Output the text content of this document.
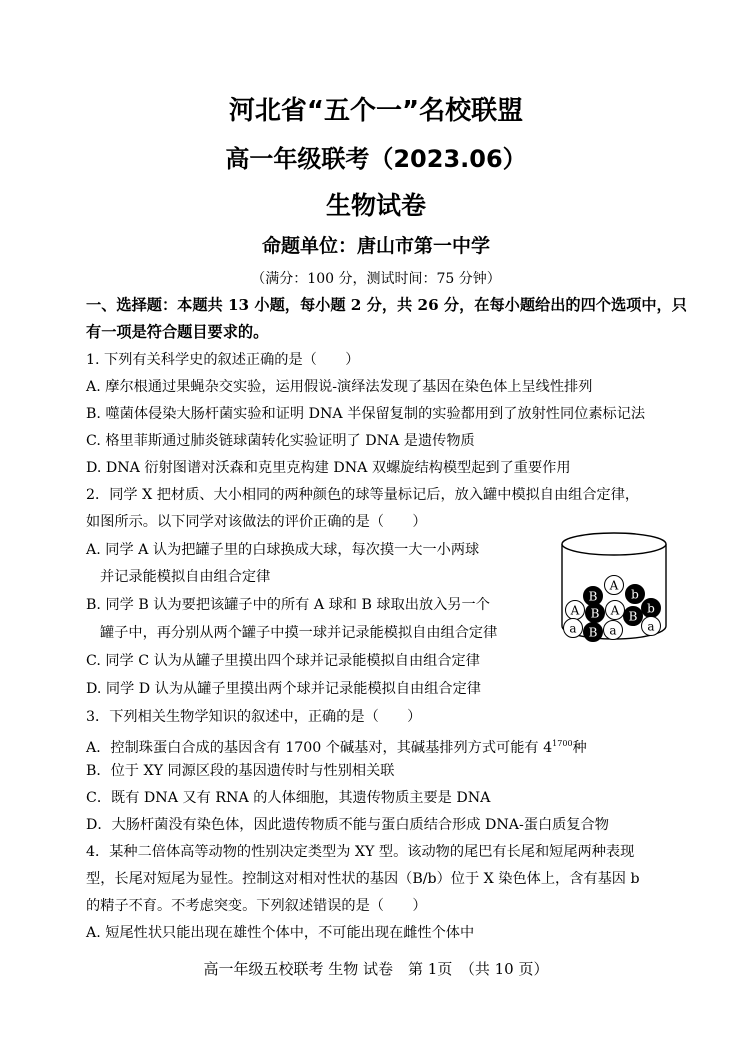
河北省“五个一”名校联盟
高一年级联考（2023.06）
生物试卷
命题单位：唐山市第一中学
（满分：100 分，测试时间：75 分钟）
一、选择题：本题共 13 小题，每小题 2 分，共 26 分，在每小题给出的四个选项中，只
有一项是符合题目要求的。
1. 下列有关科学史的叙述正确的是（　　）
A. 摩尔根通过果蝇杂交实验，运用假说-演绎法发现了基因在染色体上呈线性排列
B. 噬菌体侵染大肠杆菌实验和证明 DNA 半保留复制的实验都用到了放射性同位素标记法
C. 格里菲斯通过肺炎链球菌转化实验证明了 DNA 是遗传物质
D. DNA 衍射图谱对沃森和克里克构建 DNA 双螺旋结构模型起到了重要作用
2．同学 X 把材质、大小相同的两种颜色的球等量标记后，放入罐中模拟自由组合定律，
如图所示。以下同学对该做法的评价正确的是（　　）
A. 同学 A 认为把罐子里的白球换成大球，每次摸一大一小两球
并记录能模拟自由组合定律
B. 同学 B 认为要把该罐子中的所有 A 球和 B 球取出放入另一个
罐子中，再分别从两个罐子中摸一球并记录能模拟自由组合定律
C. 同学 C 认为从罐子里摸出四个球并记录能模拟自由组合定律
D. 同学 D 认为从罐子里摸出两个球并记录能模拟自由组合定律
A
b
B
A B A B
b
a B a	a
3．下列相关生物学知识的叙述中，正确的是（　　）
A．控制珠蛋白合成的基因含有 1700 个碱基对，其碱基排列方式可能有 $4^{1700}$种
B．位于 XY 同源区段的基因遗传时与性别相关联
C．既有 DNA 又有 RNA 的人体细胞，其遗传物质主要是 DNA
D．大肠杆菌没有染色体，因此遗传物质不能与蛋白质结合形成 DNA-蛋白质复合物
4．某种二倍体高等动物的性别决定类型为 XY 型。该动物的尾巴有长尾和短尾两种表现
型，长尾对短尾为显性。控制这对相对性状的基因（B/b）位于 X 染色体上，含有基因 b
的精子不育。不考虑突变。下列叙述错误的是（　　）
A. 短尾性状只能出现在雄性个体中，不可能出现在雌性个体中
高一年级五校联考 生物 试卷　第 1页　（共 10 页）
